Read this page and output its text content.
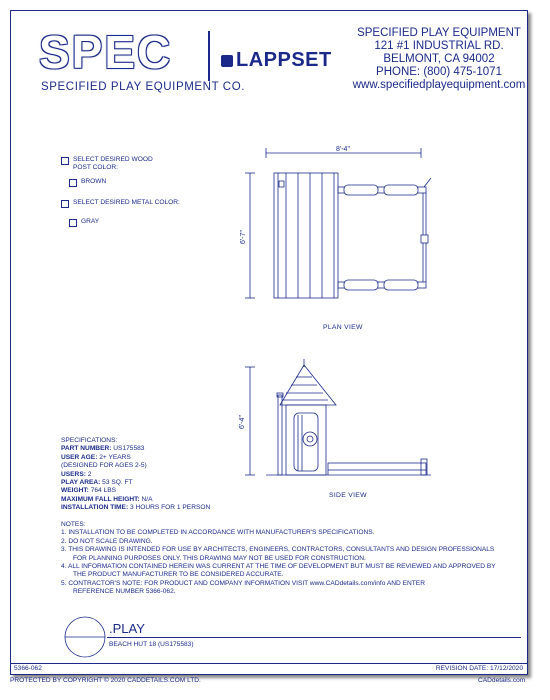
SPEC
SPECIFIED PLAY EQUIPMENT CO.
LAPPSET
SPECIFIED PLAY EQUIPMENT
121 #1 INDUSTRIAL RD.
BELMONT, CA 94002
PHONE: (800) 475-1071
www.specifiedplayequipment.com
SELECT DESIRED WOOD
POST COLOR:
BROWN
SELECT DESIRED METAL COLOR:
GRAY
8'-4"
6'-7"
PLAN VIEW
6'-4"
SIDE VIEW
SPECIFICATIONS:
PART NUMBER: US175583
USER AGE: 2+ YEARS
(DESIGNED FOR AGES 2-5)
USERS: 2
PLAY AREA: 53 SQ. FT
WEIGHT: 764 LBS
MAXIMUM FALL HEIGHT: N/A
INSTALLATION TIME: 3 HOURS FOR 1 PERSON
NOTES:
1. INSTALLATION TO BE COMPLETED IN ACCORDANCE WITH MANUFACTURER'S SPECIFICATIONS.
2. DO NOT SCALE DRAWING.
3. THIS DRAWING IS INTENDED FOR USE BY ARCHITECTS, ENGINEERS, CONTRACTORS, CONSULTANTS AND DESIGN PROFESSIONALS
FOR PLANNING PURPOSES ONLY. THIS DRAWING MAY NOT BE USED FOR CONSTRUCTION.
4. ALL INFORMATION CONTAINED HEREIN WAS CURRENT AT THE TIME OF DEVELOPMENT BUT MUST BE REVIEWED AND APPROVED BY
THE PRODUCT MANUFACTURER TO BE CONSIDERED ACCURATE.
5. CONTRACTOR'S NOTE: FOR PRODUCT AND COMPANY INFORMATION VISIT www.CADdetails.com/info AND ENTER
REFERENCE NUMBER 5366-062.
.PLAY
BEACH HUT 18 (US175583)
5366-062	REVISION DATE: 17/12/2020
PROTECTED BY COPYRIGHT © 2020 CADDETAILS.COM LTD.	CADdetails.com
